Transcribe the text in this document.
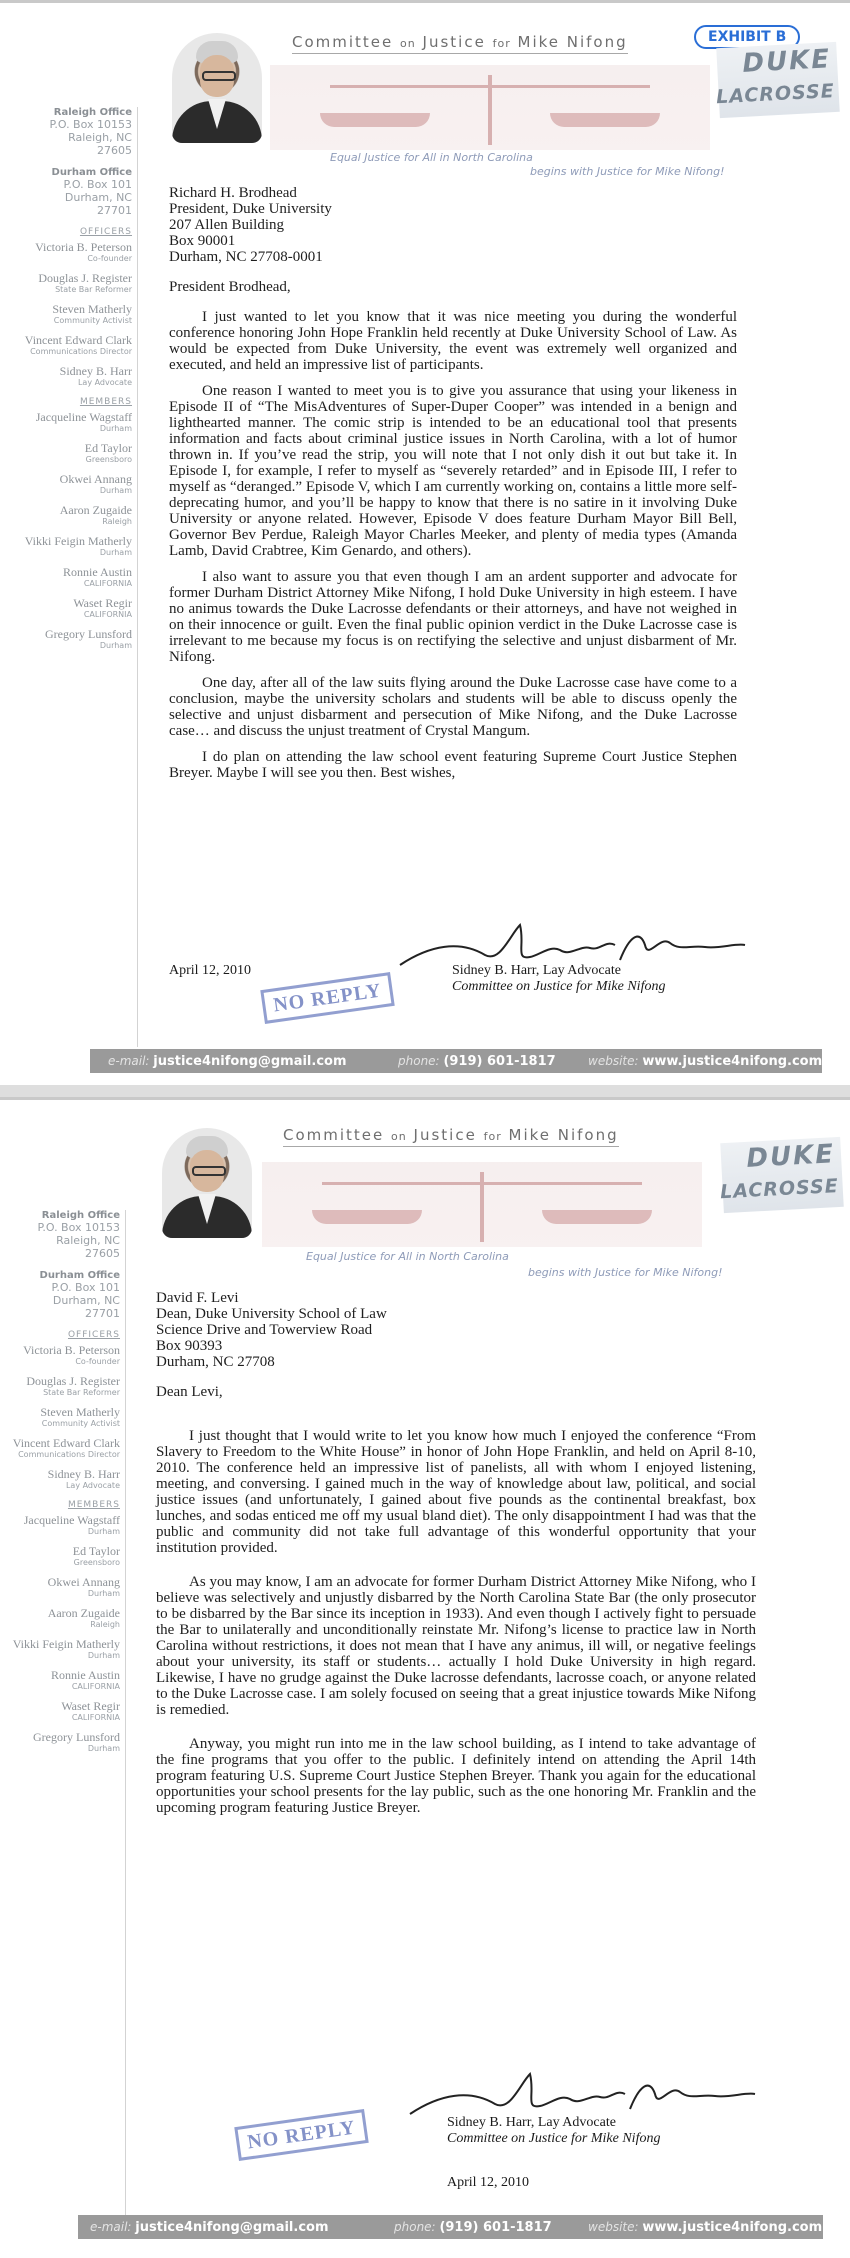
Committee on Justice for Mike Nifong	EXHIBIT B
DUKE
LACROSSE
Equal Justice for All in North Carolina
begins with Justice for Mike Nifong!
Raleigh Office
P.O. Box 10153
Raleigh, NC
27605
Durham Office
P.O. Box 101
Durham, NC
27701
OFFICERS
Victoria B. Peterson
Co-founder
Douglas J. Register
State Bar Reformer
Steven Matherly
Community Activist
Vincent Edward Clark
Communications Director
Sidney B. Harr
Lay Advocate
MEMBERS
Jacqueline Wagstaff
Durham
Ed Taylor
Greensboro
Okwei Annang
Durham
Aaron Zugaide
Raleigh
Vikki Feigin Matherly
Durham
Ronnie Austin
CALIFORNIA
Waset Regir
CALIFORNIA
Gregory Lunsford
Durham
Richard H. Brodhead
President, Duke University
207 Allen Building
Box 90001
Durham, NC 27708-0001
President Brodhead,

I just wanted to let you know that it was nice meeting you during the wonderful conference honoring John Hope Franklin held recently at Duke University School of Law. As would be expected from Duke University, the event was extremely well organized and executed, and held an impressive list of participants.

One reason I wanted to meet you is to give you assurance that using your likeness in Episode II of “The MisAdventures of Super-Duper Cooper” was intended in a benign and lighthearted manner. The comic strip is intended to be an educational tool that presents information and facts about criminal justice issues in North Carolina, with a lot of humor thrown in. If you’ve read the strip, you will note that I not only dish it out but take it. In Episode I, for example, I refer to myself as “severely retarded” and in Episode III, I refer to myself as “deranged.” Episode V, which I am currently working on, contains a little more self-deprecating humor, and you’ll be happy to know that there is no satire in it involving Duke University or anyone related. However, Episode V does feature Durham Mayor Bill Bell, Governor Bev Perdue, Raleigh Mayor Charles Meeker, and plenty of media types (Amanda Lamb, David Crabtree, Kim Genardo, and others).

I also want to assure you that even though I am an ardent supporter and advocate for former Durham District Attorney Mike Nifong, I hold Duke University in high esteem. I have no animus towards the Duke Lacrosse defendants or their attorneys, and have not weighed in on their innocence or guilt. Even the final public opinion verdict in the Duke Lacrosse case is irrelevant to me because my focus is on rectifying the selective and unjust disbarment of Mr. Nifong.

One day, after all of the law suits flying around the Duke Lacrosse case have come to a conclusion, maybe the university scholars and students will be able to discuss openly the selective and unjust disbarment and persecution of Mike Nifong, and the Duke Lacrosse case… and discuss the unjust treatment of Crystal Mangum.

I do plan on attending the law school event featuring Supreme Court Justice Stephen Breyer. Maybe I will see you then. Best wishes,

April 12, 2010	Sidney B. Harr, Lay Advocate
Committee on Justice for Mike Nifong
NO REPLY
e-mail: justice4nifong@gmail.com	phone: (919) 601-1817	website: www.justice4nifong.com
Committee on Justice for Mike Nifong
DUKE
LACROSSE
Equal Justice for All in North Carolina
begins with Justice for Mike Nifong!
Raleigh Office
P.O. Box 10153
Raleigh, NC
27605
Durham Office
P.O. Box 101
Durham, NC
27701
OFFICERS
Victoria B. Peterson
Co-founder
Douglas J. Register
State Bar Reformer
Steven Matherly
Community Activist
Vincent Edward Clark
Communications Director
Sidney B. Harr
Lay Advocate
MEMBERS
Jacqueline Wagstaff
Durham
Ed Taylor
Greensboro
Okwei Annang
Durham
Aaron Zugaide
Raleigh
Vikki Feigin Matherly
Durham
Ronnie Austin
CALIFORNIA
Waset Regir
CALIFORNIA
Gregory Lunsford
Durham
David F. Levi
Dean, Duke University School of Law
Science Drive and Towerview Road
Box 90393
Durham, NC 27708
Dean Levi,

I just thought that I would write to let you know how much I enjoyed the conference “From Slavery to Freedom to the White House” in honor of John Hope Franklin, and held on April 8-10, 2010. The conference held an impressive list of panelists, all with whom I enjoyed listening, meeting, and conversing. I gained much in the way of knowledge about law, political, and social justice issues (and unfortunately, I gained about five pounds as the continental breakfast, box lunches, and sodas enticed me off my usual bland diet). The only disappointment I had was that the public and community did not take full advantage of this wonderful opportunity that your institution provided.

As you may know, I am an advocate for former Durham District Attorney Mike Nifong, who I believe was selectively and unjustly disbarred by the North Carolina State Bar (the only prosecutor to be disbarred by the Bar since its inception in 1933). And even though I actively fight to persuade the Bar to unilaterally and unconditionally reinstate Mr. Nifong’s license to practice law in North Carolina without restrictions, it does not mean that I have any animus, ill will, or negative feelings about your university, its staff or students… actually I hold Duke University in high regard. Likewise, I have no grudge against the Duke lacrosse defendants, lacrosse coach, or anyone related to the Duke Lacrosse case. I am solely focused on seeing that a great injustice towards Mike Nifong is remedied.

Anyway, you might run into me in the law school building, as I intend to take advantage of the fine programs that you offer to the public. I definitely intend on attending the April 14th program featuring U.S. Supreme Court Justice Stephen Breyer. Thank you again for the educational opportunities your school presents for the lay public, such as the one honoring Mr. Franklin and the upcoming program featuring Justice Breyer.

Sidney B. Harr, Lay Advocate
Committee on Justice for Mike Nifong
NO REPLY
April 12, 2010
e-mail: justice4nifong@gmail.com	phone: (919) 601-1817	website: www.justice4nifong.com
